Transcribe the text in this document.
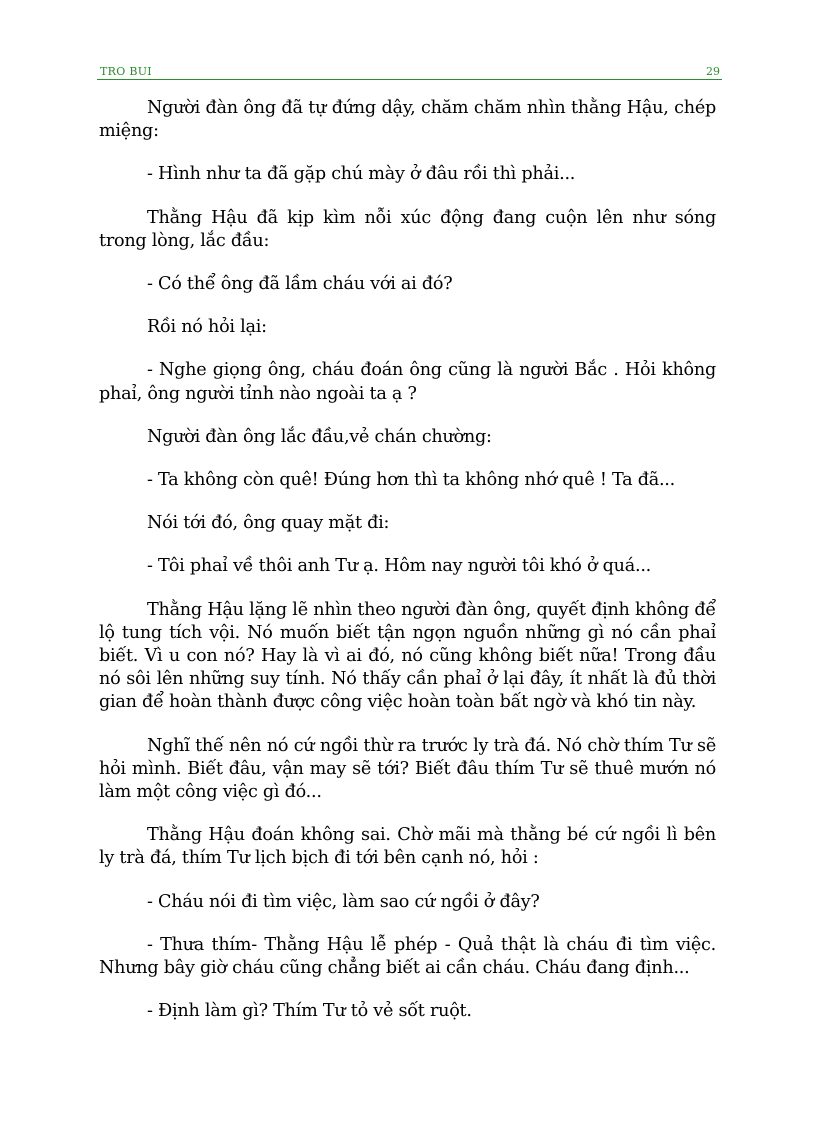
TRO BUI	29

Người đàn ông đã tự đứng dậy, chăm chăm nhìn thằng Hậu, chép miệng:

- Hình như ta đã gặp chú mày ở đâu rồi thì phải...

Thằng Hậu đã kịp kìm nỗi xúc động đang cuộn lên như sóng trong lòng, lắc đầu:

- Có thể ông đã lầm cháu với ai đó?

Rồi nó hỏi lại:

- Nghe giọng ông, cháu đoán ông cũng là người Bắc . Hỏi không phaỉ, ông người tỉnh nào ngoài ta ạ ?

Người đàn ông lắc đầu,vẻ chán chường:

- Ta không còn quê! Đúng hơn thì ta không nhớ quê ! Ta đã...

Nói tới đó, ông quay mặt đi:

- Tôi phaỉ về thôi anh Tư ạ. Hôm nay người tôi khó ở quá...

Thằng Hậu lặng lẽ nhìn theo người đàn ông, quyết định không để lộ tung tích vội. Nó muốn biết tận ngọn nguồn những gì nó cần phaỉ biết. Vì u con nó? Hay là vì ai đó, nó cũng không biết nữa! Trong đầu nó sôi lên những suy tính. Nó thấy cần phaỉ ở lại đây, ít nhất là đủ thời gian để hoàn thành được công việc hoàn toàn bất ngờ và khó tin này.

Nghĩ thế nên nó cứ ngồi thừ ra trước ly trà đá. Nó chờ thím Tư sẽ hỏi mình. Biết đâu, vận may sẽ tới? Biết đâu thím Tư sẽ thuê mướn nó làm một công việc gì đó...

Thằng Hậu đoán không sai. Chờ mãi mà thằng bé cứ ngồi lì bên ly trà đá, thím Tư lịch bịch đi tới bên cạnh nó, hỏi :

- Cháu nói đi tìm việc, làm sao cứ ngồi ở đây?

- Thưa thím- Thằng Hậu lễ phép - Quả thật là cháu đi tìm việc. Nhưng bây giờ cháu cũng chẳng biết ai cần cháu. Cháu đang định...

- Định làm gì? Thím Tư tỏ vẻ sốt ruột.
